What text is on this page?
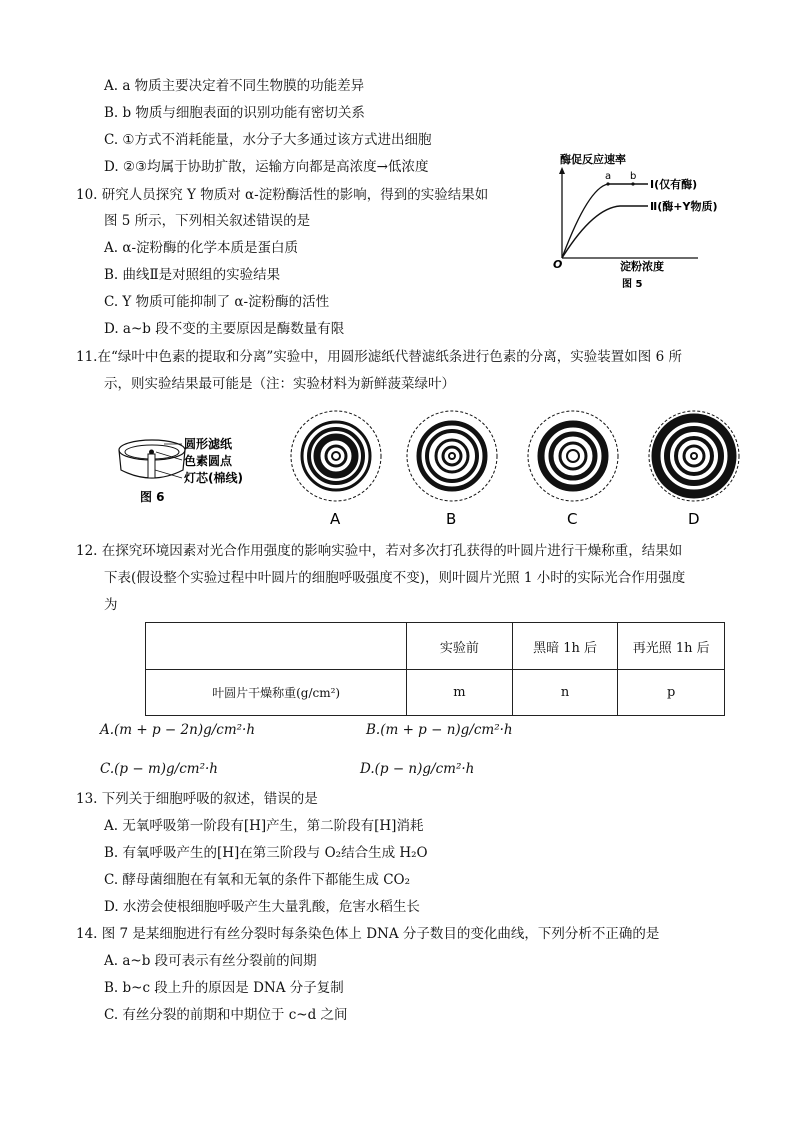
A. a 物质主要决定着不同生物膜的功能差异
B. b 物质与细胞表面的识别功能有密切关系
C. ①方式不消耗能量，水分子大多通过该方式进出细胞
D. ②③均属于协助扩散，运输方向都是高浓度→低浓度
10. 研究人员探究 Y 物质对 α-淀粉酶活性的影响，得到的实验结果如
图 5 所示，下列相关叙述错误的是
A. α-淀粉酶的化学本质是蛋白质
B. 曲线Ⅱ是对照组的实验结果
C. Y 物质可能抑制了 α-淀粉酶的活性
D. a~b 段不变的主要原因是酶数量有限
酶促反应速率
O	淀粉浓度
a b
Ⅰ(仅有酶)
Ⅱ(酶+Y物质)
图 5
11.在“绿叶中色素的提取和分离”实验中，用圆形滤纸代替滤纸条进行色素的分离，实验装置如图 6 所
示，则实验结果最可能是（注：实验材料为新鲜菠菜绿叶）
圆形滤纸
色素圆点
灯芯(棉线)
图 6
A	B	C	D
12. 在探究环境因素对光合作用强度的影响实验中，若对多次打孔获得的叶圆片进行干燥称重，结果如
下表(假设整个实验过程中叶圆片的细胞呼吸强度不变)，则叶圆片光照 1 小时的实际光合作用强度
为
	实验前	黑暗 1h 后	再光照 1h 后
叶圆片干燥称重(g/cm²)	m	n	p
A.(m + p − 2n)g/cm²·h	B.(m + p − n)g/cm²·h
C.(p − m)g/cm²·h	D.(p − n)g/cm²·h
13. 下列关于细胞呼吸的叙述，错误的是
A. 无氧呼吸第一阶段有[H]产生，第二阶段有[H]消耗
B. 有氧呼吸产生的[H]在第三阶段与 O₂结合生成 H₂O
C. 酵母菌细胞在有氧和无氧的条件下都能生成 CO₂
D. 水涝会使根细胞呼吸产生大量乳酸，危害水稻生长
14. 图 7 是某细胞进行有丝分裂时每条染色体上 DNA 分子数目的变化曲线，下列分析不正确的是
A. a~b 段可表示有丝分裂前的间期
B. b~c 段上升的原因是 DNA 分子复制
C. 有丝分裂的前期和中期位于 c~d 之间
